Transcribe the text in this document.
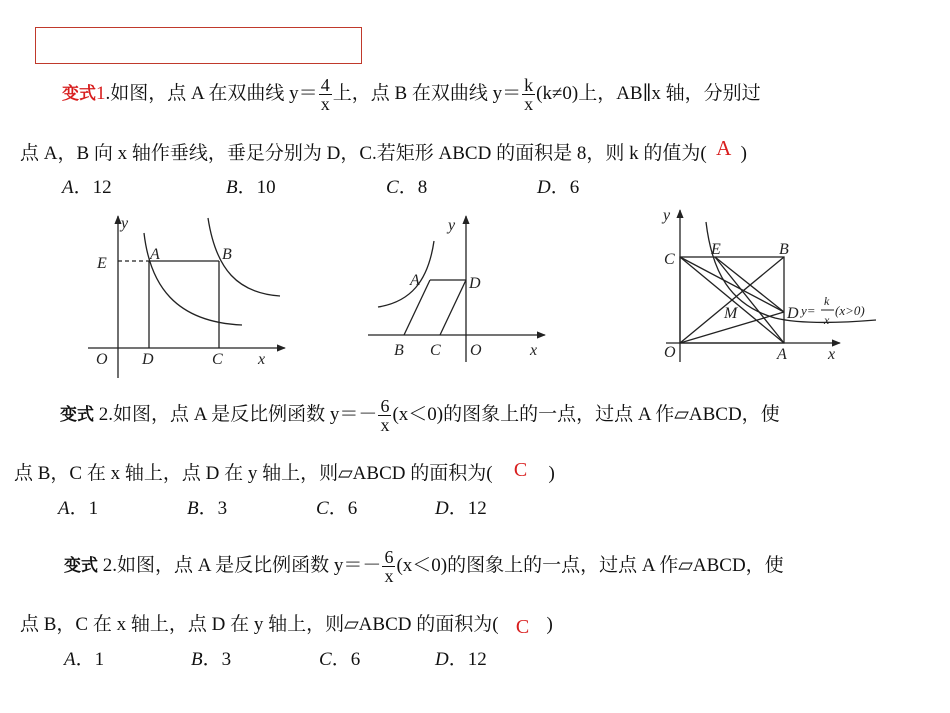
变式1.如图，点 A 在双曲线 $y= \frac{4}{x}$ 上，点 B 在双曲线 $y= \frac{k}{x} (k\ne 0)$上，AB∥x 轴，分别过
点 A，B 向 x 轴作垂线，垂足分别为 D，C.若矩形 ABCD 的面积是 8，则 k 的值为( A )
A．12	B．10	C．8	D．6
y
x
O
E
A	B
D	C
y
x
O
A	D
B C
y
x
O
C
E	B
D
M
A
y=
k
x
(x>0)
变式 2.如图，点 A 是反比例函数 $y=- \frac{6}{x} (x<0)$的图象上的一点，过点 A 作▱ABCD，使
点 B，C 在 x 轴上，点 D 在 y 轴上，则▱ABCD 的面积为( C )
A．1	B．3	C．6	D．12
变式 2.如图，点 A 是反比例函数 $y=- \frac{6}{x} (x<0)$的图象上的一点，过点 A 作▱ABCD，使
点 B，C 在 x 轴上，点 D 在 y 轴上，则▱ABCD 的面积为( C )
A．1	B．3	C．6	D．12
